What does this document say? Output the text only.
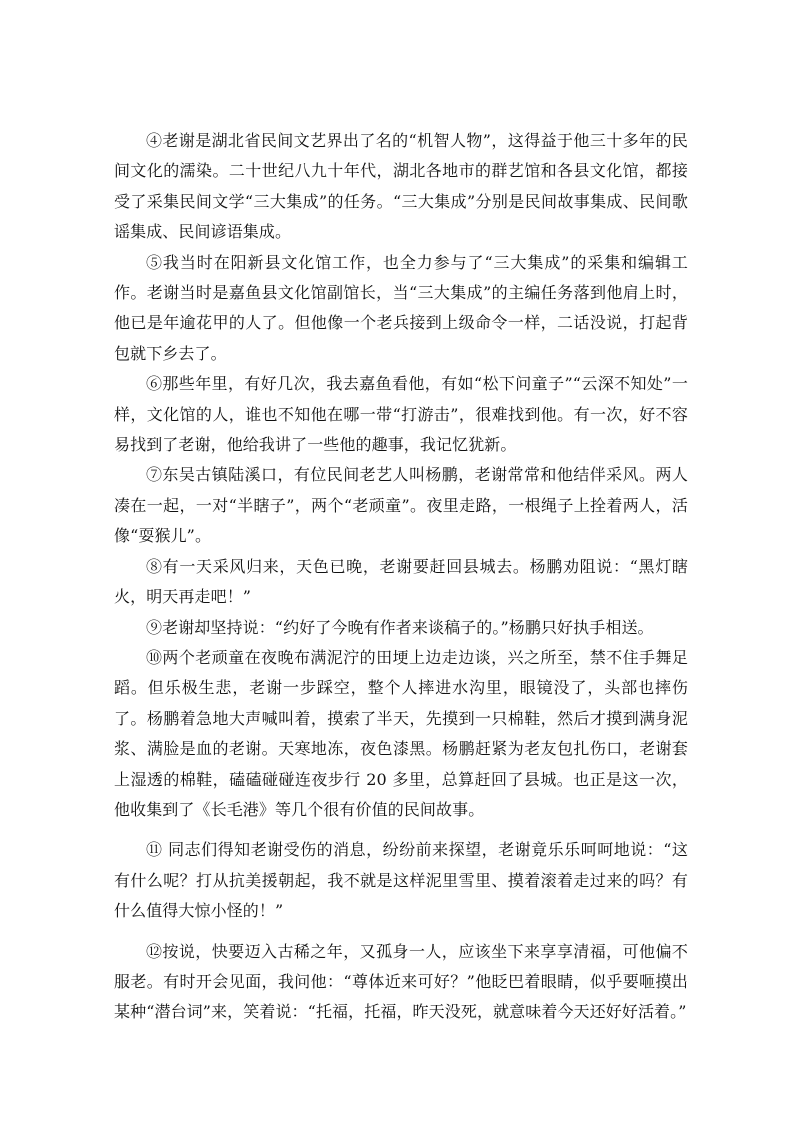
④老谢是湖北省民间文艺界出了名的“机智人物”，这得益于他三十多年的民间文化的濡染。二十世纪八九十年代，湖北各地市的群艺馆和各县文化馆，都接受了采集民间文学“三大集成”的任务。“三大集成”分别是民间故事集成、民间歌谣集成、民间谚语集成。

⑤我当时在阳新县文化馆工作，也全力参与了“三大集成”的采集和编辑工作。老谢当时是嘉鱼县文化馆副馆长，当“三大集成”的主编任务落到他肩上时，他已是年逾花甲的人了。但他像一个老兵接到上级命令一样，二话没说，打起背包就下乡去了。

⑥那些年里，有好几次，我去嘉鱼看他，有如“松下问童子”“云深不知处”一样，文化馆的人，谁也不知他在哪一带“打游击”，很难找到他。有一次，好不容易找到了老谢，他给我讲了一些他的趣事，我记忆犹新。

⑦东吴古镇陆溪口，有位民间老艺人叫杨鹏，老谢常常和他结伴采风。两人凑在一起，一对“半瞎子”，两个“老顽童”。夜里走路，一根绳子上拴着两人，活像“耍猴儿”。

⑧有一天采风归来，天色已晚，老谢要赶回县城去。杨鹏劝阻说：“黑灯瞎火，明天再走吧！”

⑨老谢却坚持说：“约好了今晚有作者来谈稿子的。”杨鹏只好执手相送。

⑩两个老顽童在夜晚布满泥泞的田埂上边走边谈，兴之所至，禁不住手舞足蹈。但乐极生悲，老谢一步踩空，整个人摔进水沟里，眼镜没了，头部也摔伤了。杨鹏着急地大声喊叫着，摸索了半天，先摸到一只棉鞋，然后才摸到满身泥浆、满脸是血的老谢。天寒地冻，夜色漆黑。杨鹏赶紧为老友包扎伤口，老谢套上湿透的棉鞋，磕磕碰碰连夜步行 20 多里，总算赶回了县城。也正是这一次，他收集到了《长毛港》等几个很有价值的民间故事。

⑪ 同志们得知老谢受伤的消息，纷纷前来探望，老谢竟乐乐呵呵地说：“这有什么呢？打从抗美援朝起，我不就是这样泥里雪里、摸着滚着走过来的吗？有什么值得大惊小怪的！”

⑫按说，快要迈入古稀之年，又孤身一人，应该坐下来享享清福，可他偏不服老。有时开会见面，我问他：“尊体近来可好？”他眨巴着眼睛，似乎要咂摸出某种“潜台词”来，笑着说：“托福，托福，昨天没死，就意味着今天还好好活着。”
